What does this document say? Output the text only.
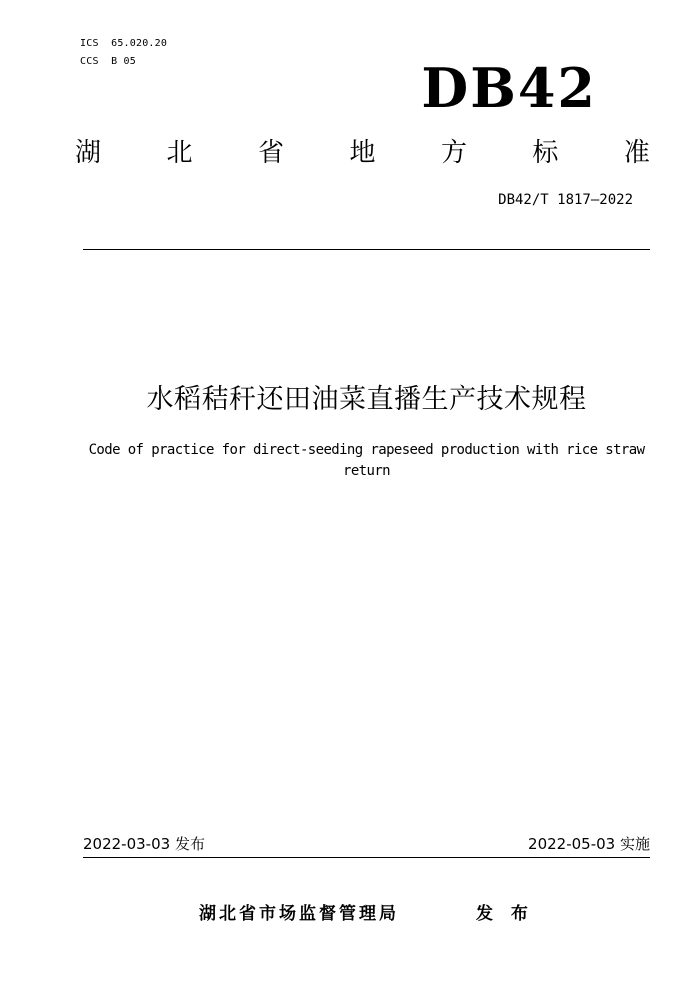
ICS  65.020.20
CCS  B 05	DB42
湖	北	省	地	方	标	准
DB42/T 1817—2022
水稻秸秆还田油菜直播生产技术规程
Code of practice for direct-seeding rapeseed production with rice straw return
2022-03-03 发布	2022-05-03 实施
湖北省市场监督管理局	发 布
